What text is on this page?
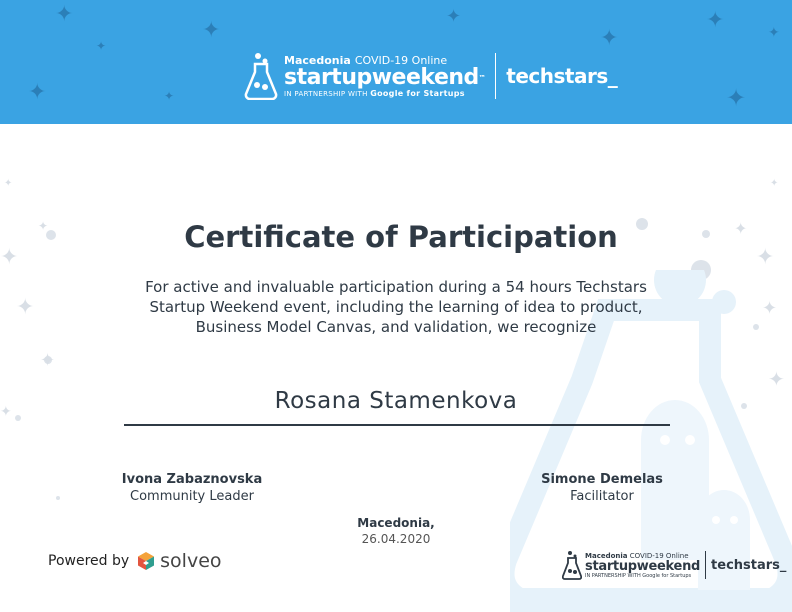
✦
✦
✦
✦
✦
✦
✦
✦
✦
✦
Macedonia COVID-19 Online
startupweekend™
IN PARTNERSHIP WITH Google for Startups
techstars_
✦
✦
✦
✦
✦
✦
✦
✦
✦
✦
✦
Certificate of Participation
For active and invaluable participation during a 54 hours Techstars
Startup Weekend event, including the learning of idea to product,
Business Model Canvas, and validation, we recognize
Rosana Stamenkova
Ivona Zabaznovska
Community Leader
Simone Demelas
Facilitator
Macedonia,
26.04.2020
Powered by solveo	Macedonia COVID-19 Online
startupweekend
IN PARTNERSHIP WITH Google for Startups
techstars_
